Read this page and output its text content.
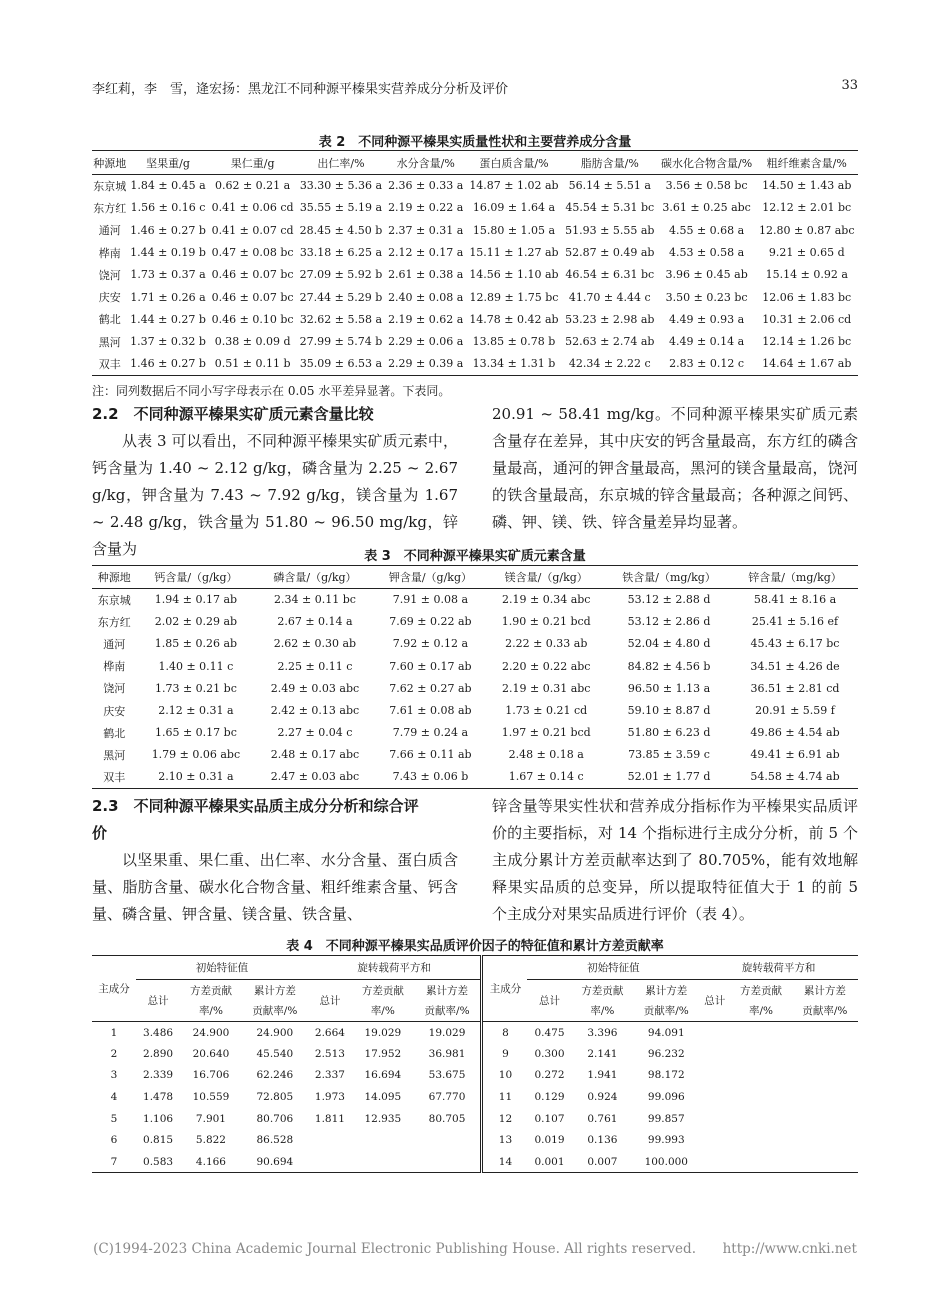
李红莉，李　雪，逄宏扬：黑龙江不同种源平榛果实营养成分分析及评价	33
表 2　不同种源平榛果实质量性状和主要营养成分含量
种源地	坚果重/g	果仁重/g	出仁率/%	水分含量/%	蛋白质含量/%	脂肪含量/%	碳水化合物含量/%	粗纤维素含量/%
东京城	1.84 ± 0.45 a	0.62 ± 0.21 a	33.30 ± 5.36 a	2.36 ± 0.33 a	14.87 ± 1.02 ab	56.14 ± 5.51 a	3.56 ± 0.58 bc	14.50 ± 1.43 ab
东方红	1.56 ± 0.16 c	0.41 ± 0.06 cd	35.55 ± 5.19 a	2.19 ± 0.22 a	16.09 ± 1.64 a	45.54 ± 5.31 bc	3.61 ± 0.25 abc	12.12 ± 2.01 bc
通河	1.46 ± 0.27 b	0.41 ± 0.07 cd	28.45 ± 4.50 b	2.37 ± 0.31 a	15.80 ± 1.05 a	51.93 ± 5.55 ab	4.55 ± 0.68 a	12.80 ± 0.87 abc
桦南	1.44 ± 0.19 b	0.47 ± 0.08 bc	33.18 ± 6.25 a	2.12 ± 0.17 a	15.11 ± 1.27 ab	52.87 ± 0.49 ab	4.53 ± 0.58 a	9.21 ± 0.65 d
饶河	1.73 ± 0.37 a	0.46 ± 0.07 bc	27.09 ± 5.92 b	2.61 ± 0.38 a	14.56 ± 1.10 ab	46.54 ± 6.31 bc	3.96 ± 0.45 ab	15.14 ± 0.92 a
庆安	1.71 ± 0.26 a	0.46 ± 0.07 bc	27.44 ± 5.29 b	2.40 ± 0.08 a	12.89 ± 1.75 bc	41.70 ± 4.44 c	3.50 ± 0.23 bc	12.06 ± 1.83 bc
鹤北	1.44 ± 0.27 b	0.46 ± 0.10 bc	32.62 ± 5.58 a	2.19 ± 0.62 a	14.78 ± 0.42 ab	53.23 ± 2.98 ab	4.49 ± 0.93 a	10.31 ± 2.06 cd
黑河	1.37 ± 0.32 b	0.38 ± 0.09 d	27.99 ± 5.74 b	2.29 ± 0.06 a	13.85 ± 0.78 b	52.63 ± 2.74 ab	4.49 ± 0.14 a	12.14 ± 1.26 bc
双丰	1.46 ± 0.27 b	0.51 ± 0.11 b	35.09 ± 6.53 a	2.29 ± 0.39 a	13.34 ± 1.31 b	42.34 ± 2.22 c	2.83 ± 0.12 c	14.64 ± 1.67 ab
注：同列数据后不同小写字母表示在 0.05 水平差异显著。下表同。
2.2　不同种源平榛果实矿质元素含量比较

从表 3 可以看出，不同种源平榛果实矿质元素中，钙含量为 1.40 ~ 2.12 g/kg，磷含量为 2.25 ~ 2.67 g/kg，钾含量为 7.43 ~ 7.92 g/kg，镁含量为 1.67 ~ 2.48 g/kg，铁含量为 51.80 ~ 96.50 mg/kg，锌含量为

20.91 ~ 58.41 mg/kg。不同种源平榛果实矿质元素含量存在差异，其中庆安的钙含量最高，东方红的磷含量最高，通河的钾含量最高，黑河的镁含量最高，饶河的铁含量最高，东京城的锌含量最高；各种源之间钙、磷、钾、镁、铁、锌含量差异均显著。

表 3　不同种源平榛果实矿质元素含量
种源地	钙含量/（g/kg）	磷含量/（g/kg）	钾含量/（g/kg）	镁含量/（g/kg）	铁含量/（mg/kg）	锌含量/（mg/kg）
东京城	1.94 ± 0.17 ab	2.34 ± 0.11 bc	7.91 ± 0.08 a	2.19 ± 0.34 abc	53.12 ± 2.88 d	58.41 ± 8.16 a
东方红	2.02 ± 0.29 ab	2.67 ± 0.14 a	7.69 ± 0.22 ab	1.90 ± 0.21 bcd	53.12 ± 2.86 d	25.41 ± 5.16 ef
通河	1.85 ± 0.26 ab	2.62 ± 0.30 ab	7.92 ± 0.12 a	2.22 ± 0.33 ab	52.04 ± 4.80 d	45.43 ± 6.17 bc
桦南	1.40 ± 0.11 c	2.25 ± 0.11 c	7.60 ± 0.17 ab	2.20 ± 0.22 abc	84.82 ± 4.56 b	34.51 ± 4.26 de
饶河	1.73 ± 0.21 bc	2.49 ± 0.03 abc	7.62 ± 0.27 ab	2.19 ± 0.31 abc	96.50 ± 1.13 a	36.51 ± 2.81 cd
庆安	2.12 ± 0.31 a	2.42 ± 0.13 abc	7.61 ± 0.08 ab	1.73 ± 0.21 cd	59.10 ± 8.87 d	20.91 ± 5.59 f
鹤北	1.65 ± 0.17 bc	2.27 ± 0.04 c	7.79 ± 0.24 a	1.97 ± 0.21 bcd	51.80 ± 6.23 d	49.86 ± 4.54 ab
黑河	1.79 ± 0.06 abc	2.48 ± 0.17 abc	7.66 ± 0.11 ab	2.48 ± 0.18 a	73.85 ± 3.59 c	49.41 ± 6.91 ab
双丰	2.10 ± 0.31 a	2.47 ± 0.03 abc	7.43 ± 0.06 b	1.67 ± 0.14 c	52.01 ± 1.77 d	54.58 ± 4.74 ab
2.3　不同种源平榛果实品质主成分分析和综合评
价

以坚果重、果仁重、出仁率、水分含量、蛋白质含量、脂肪含量、碳水化合物含量、粗纤维素含量、钙含量、磷含量、钾含量、镁含量、铁含量、

锌含量等果实性状和营养成分指标作为平榛果实品质评价的主要指标，对 14 个指标进行主成分分析，前 5 个主成分累计方差贡献率达到了 80.705%，能有效地解释果实品质的总变异，所以提取特征值大于 1 的前 5 个主成分对果实品质进行评价（表 4）。

表 4　不同种源平榛果实品质评价因子的特征值和累计方差贡献率
主成分	初始特征值			旋转载荷平方和			主成分	初始特征值			旋转载荷平方和		
	总计	方差贡献	累计方差	总计	方差贡献	累计方差		总计	方差贡献	累计方差	总计	方差贡献	累计方差
		率/%	贡献率/%		率/%	贡献率/%			率/%	贡献率/%		率/%	贡献率/%
1	3.486	24.900	24.900	2.664	19.029	19.029	8	0.475	3.396	94.091			
2	2.890	20.640	45.540	2.513	17.952	36.981	9	0.300	2.141	96.232			
3	2.339	16.706	62.246	2.337	16.694	53.675	10	0.272	1.941	98.172			
4	1.478	10.559	72.805	1.973	14.095	67.770	11	0.129	0.924	99.096			
5	1.106	7.901	80.706	1.811	12.935	80.705	12	0.107	0.761	99.857			
6	0.815	5.822	86.528				13	0.019	0.136	99.993			
7	0.583	4.166	90.694				14	0.001	0.007	100.000			
(C)1994-2023 China Academic Journal Electronic Publishing House. All rights reserved. http://www.cnki.net
